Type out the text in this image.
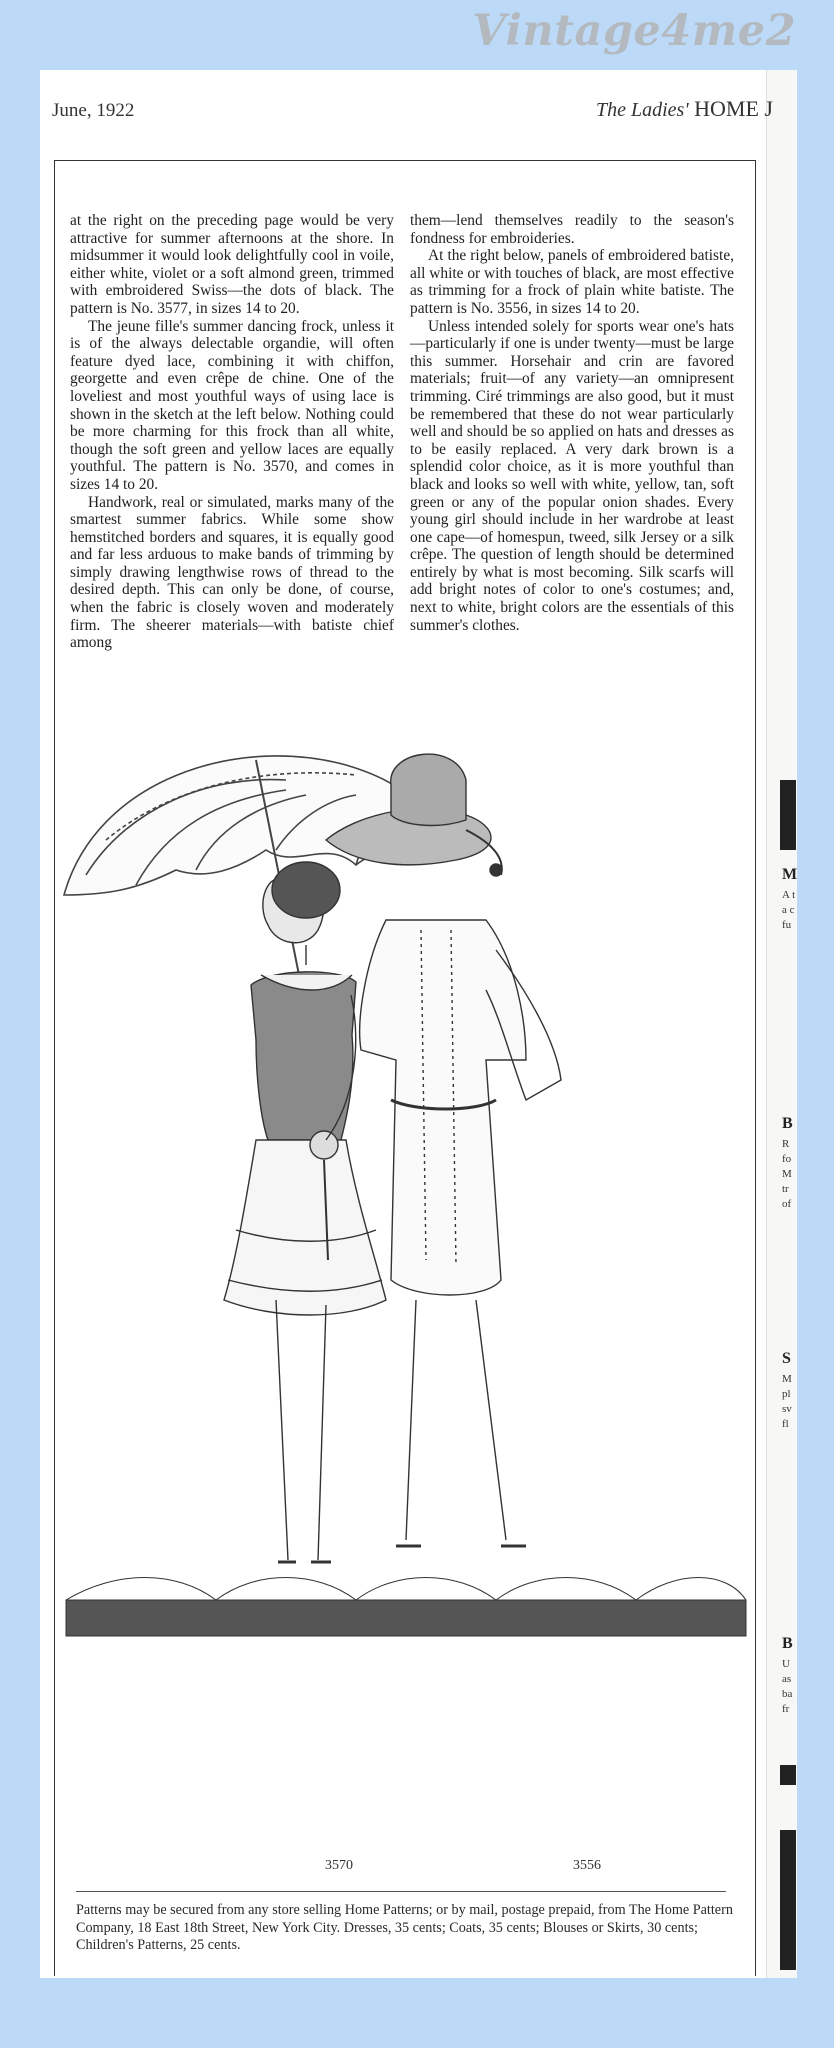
Vintage4me2
June, 1922	The Ladies' HOME J

at the right on the preceding page would be very attractive for summer afternoons at the shore. In midsummer it would look delightfully cool in voile, either white, violet or a soft almond green, trimmed with embroidered Swiss—the dots of black. The pattern is No. 3577, in sizes 14 to 20.

The jeune fille's summer dancing frock, unless it is of the always delectable organdie, will often feature dyed lace, combining it with chiffon, georgette and even crêpe de chine. One of the loveliest and most youthful ways of using lace is shown in the sketch at the left below. Nothing could be more charming for this frock than all white, though the soft green and yellow laces are equally youthful. The pattern is No. 3570, and comes in sizes 14 to 20.

Handwork, real or simulated, marks many of the smartest summer fabrics. While some show hemstitched borders and squares, it is equally good and far less arduous to make bands of trimming by simply drawing lengthwise rows of thread to the desired depth. This can only be done, of course, when the fabric is closely woven and moderately firm. The sheerer materials—with batiste chief among

them—lend themselves readily to the season's fondness for embroideries.

At the right below, panels of embroidered batiste, all white or with touches of black, are most effective as trimming for a frock of plain white batiste. The pattern is No. 3556, in sizes 14 to 20.

Unless intended solely for sports wear one's hats—particularly if one is under twenty—must be large this summer. Horsehair and crin are favored materials; fruit—of any variety—an omnipresent trimming. Ciré trimmings are also good, but it must be remembered that these do not wear particularly well and should be so applied on hats and dresses as to be easily replaced. A very dark brown is a splendid color choice, as it is more youthful than black and looks so well with white, yellow, tan, soft green or any of the popular onion shades. Every young girl should include in her wardrobe at least one cape—of homespun, tweed, silk Jersey or a silk crêpe. The question of length should be determined entirely by what is most becoming. Silk scarfs will add bright notes of color to one's costumes; and, next to white, bright colors are the essentials of this summer's clothes.

3570	3556
Patterns may be secured from any store selling Home Patterns; or by mail, postage prepaid, from The Home Pattern Company, 18 East 18th Street, New York City. Dresses, 35 cents; Coats, 35 cents; Blouses or Skirts, 30 cents; Children's Patterns, 25 cents.
M
A t a c fu
B
R fo M tr of
S
M pl sv fl
B
U as ba fr
